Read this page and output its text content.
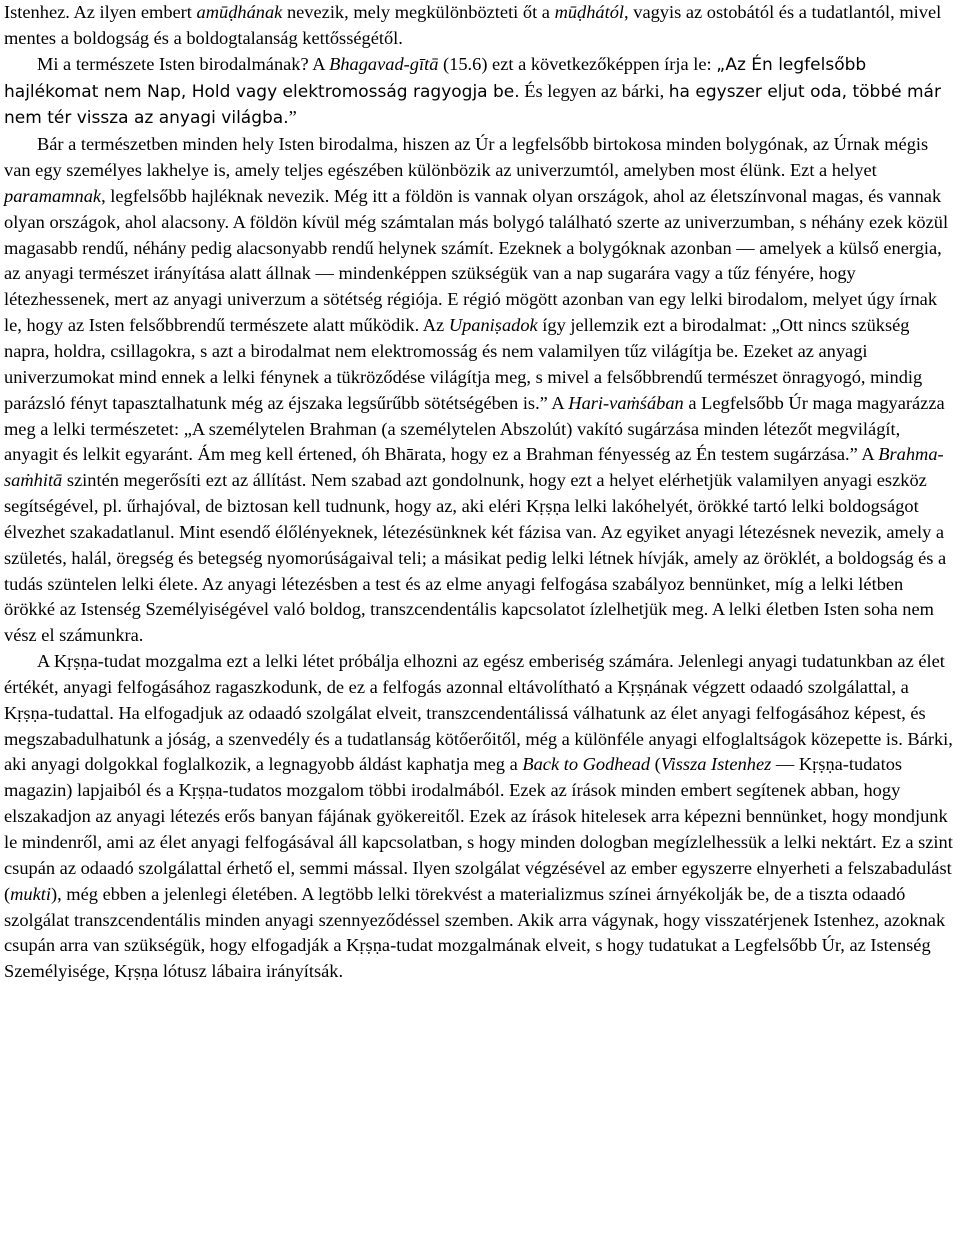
Istenhez. Az ilyen embert amūḍhának nevezik, mely megkülönbözteti őt a mūḍhától, vagyis az ostobától és a tudatlantól, mivel mentes a boldogság és a boldogtalanság kettősségétől.

Mi a természete Isten birodalmának? A Bhagavad-gītā (15.6) ezt a következőképpen írja le: „Az Én legfelsőbb hajlékomat nem Nap, Hold vagy elektromosság ragyogja be. És legyen az bárki, ha egyszer eljut oda, többé már nem tér vissza az anyagi világba.”

Bár a természetben minden hely Isten birodalma, hiszen az Úr a legfelsőbb birtokosa minden bolygónak, az Úrnak mégis van egy személyes lakhelye is, amely teljes egészében különbözik az univerzumtól, amelyben most élünk. Ezt a helyet paramamnak, legfelsőbb hajléknak nevezik. Még itt a földön is vannak olyan országok, ahol az életszínvonal magas, és vannak olyan országok, ahol alacsony. A földön kívül még számtalan más bolygó található szerte az univerzumban, s néhány ezek közül magasabb rendű, néhány pedig alacsonyabb rendű helynek számít. Ezeknek a bolygóknak azonban — amelyek a külső energia, az anyagi természet irányítása alatt állnak — mindenképpen szükségük van a nap sugarára vagy a tűz fényére, hogy létezhessenek, mert az anyagi univerzum a sötétség régiója. E régió mögött azonban van egy lelki birodalom, melyet úgy írnak le, hogy az Isten felsőbbrendű természete alatt működik. Az Upaniṣadok így jellemzik ezt a birodalmat: „Ott nincs szükség napra, holdra, csillagokra, s azt a birodalmat nem elektromosság és nem valamilyen tűz világítja be. Ezeket az anyagi univerzumokat mind ennek a lelki fénynek a tükröződése világítja meg, s mivel a felsőbbrendű természet önragyogó, mindig parázsló fényt tapasztalhatunk még az éjszaka legsűrűbb sötétségében is.” A Hari-vaṁśában a Legfelsőbb Úr maga magyarázza meg a lelki természetet: „A személytelen Brahman (a személytelen Abszolút) vakító sugárzása minden létezőt megvilágít, anyagit és lelkit egyaránt. Ám meg kell értened, óh Bhārata, hogy ez a Brahman fényesség az Én testem sugárzása.” A Brahma-saṁhitā szintén megerősíti ezt az állítást. Nem szabad azt gondolnunk, hogy ezt a helyet elérhetjük valamilyen anyagi eszköz segítségével, pl. űrhajóval, de biztosan kell tudnunk, hogy az, aki eléri Kṛṣṇa lelki lakóhelyét, örökké tartó lelki boldogságot élvezhet szakadatlanul. Mint esendő élőlényeknek, létezésünknek két fázisa van. Az egyiket anyagi létezésnek nevezik, amely a születés, halál, öregség és betegség nyomorúságaival teli; a másikat pedig lelki létnek hívják, amely az öröklét, a boldogság és a tudás szüntelen lelki élete. Az anyagi létezésben a test és az elme anyagi felfogása szabályoz bennünket, míg a lelki létben örökké az Istenség Személyiségével való boldog, transzcendentális kapcsolatot ízlelhetjük meg. A lelki életben Isten soha nem vész el számunkra.

A Kṛṣṇa-tudat mozgalma ezt a lelki létet próbálja elhozni az egész emberiség számára. Jelenlegi anyagi tudatunkban az élet értékét, anyagi felfogásához ragaszkodunk, de ez a felfogás azonnal eltávolítható a Kṛṣṇának végzett odaadó szolgálattal, a Kṛṣṇa-tudattal. Ha elfogadjuk az odaadó szolgálat elveit, transzcendentálissá válhatunk az élet anyagi felfogásához képest, és megszabadulhatunk a jóság, a szenvedély és a tudatlanság kötőerőitől, még a különféle anyagi elfoglaltságok közepette is. Bárki, aki anyagi dolgokkal foglalkozik, a legnagyobb áldást kaphatja meg a Back to Godhead (Vissza Istenhez — Kṛṣṇa-tudatos magazin) lapjaiból és a Kṛṣṇa-tudatos mozgalom többi irodalmából. Ezek az írások minden embert segítenek abban, hogy elszakadjon az anyagi létezés erős banyan fájának gyökereitől. Ezek az írások hitelesek arra képezni bennünket, hogy mondjunk le mindenről, ami az élet anyagi felfogásával áll kapcsolatban, s hogy minden dologban megízlelhessük a lelki nektárt. Ez a szint csupán az odaadó szolgálattal érhető el, semmi mással. Ilyen szolgálat végzésével az ember egyszerre elnyerheti a felszabadulást (mukti), még ebben a jelenlegi életében. A legtöbb lelki törekvést a materializmus színei árnyékolják be, de a tiszta odaadó szolgálat transzcendentális minden anyagi szennyeződéssel szemben. Akik arra vágynak, hogy visszatérjenek Istenhez, azoknak csupán arra van szükségük, hogy elfogadják a Kṛṣṇa-tudat mozgalmának elveit, s hogy tudatukat a Legfelsőbb Úr, az Istenség Személyisége, Kṛṣṇa lótusz lábaira irányítsák.
